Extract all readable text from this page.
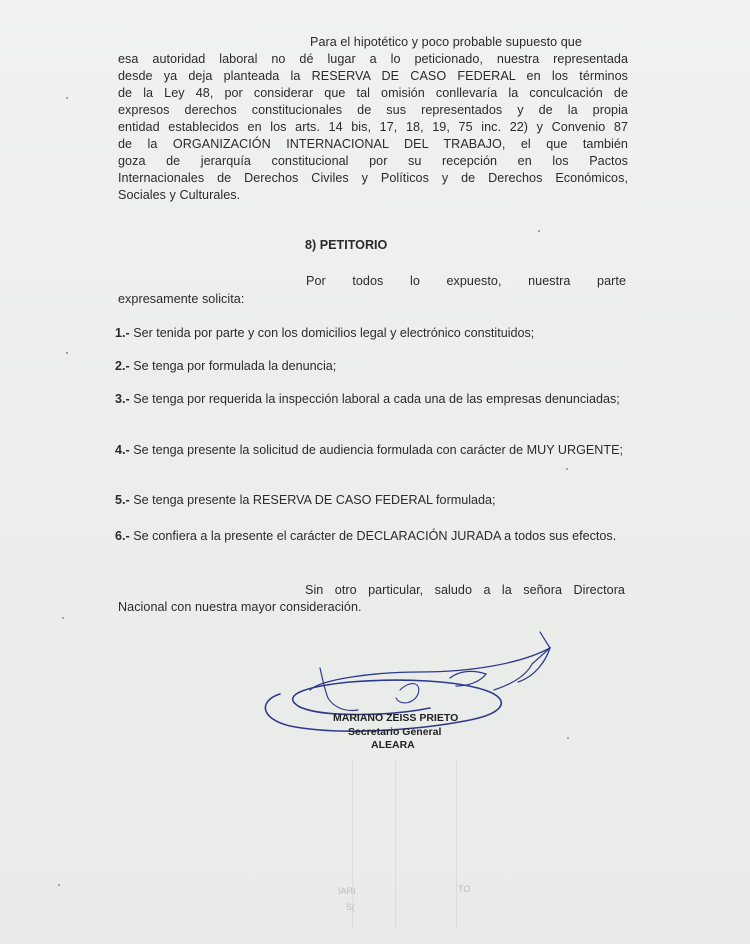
Para el hipotético y poco probable supuesto que
esa autoridad laboral no dé lugar a lo peticionado, nuestra representada
desde ya deja planteada la RESERVA DE CASO FEDERAL en los términos
de la Ley 48, por considerar que tal omisión conllevaría la conculcación de
expresos derechos constitucionales de sus representados y de la propia
entidad establecidos en los arts. 14 bis, 17, 18, 19, 75 inc. 22) y Convenio 87
de la ORGANIZACIÓN INTERNACIONAL DEL TRABAJO, el que también
goza de jerarquía constitucional por su recepción en los Pactos
Internacionales de Derechos Civiles y Políticos y de Derechos Económicos,
Sociales y Culturales.
8) PETITORIO
Por todos lo expuesto, nuestra parte
expresamente solicita:
1.- Ser tenida por parte y con los domicilios legal y electrónico constituidos;
2.- Se tenga por formulada la denuncia;
3.- Se tenga por requerida la inspección laboral a cada una de las empresas denunciadas;
4.- Se tenga presente la solicitud de audiencia formulada con carácter de MUY URGENTE;
5.- Se tenga presente la RESERVA DE CASO FEDERAL formulada;
6.- Se confiera a la presente el carácter de DECLARACIÓN JURADA a todos sus efectos.
Sin otro particular, saludo a la señora Directora
Nacional con nuestra mayor consideración.
MARIANO ZEISS PRIETO
Secretario General
ALEARA
IARI	TO
S(
